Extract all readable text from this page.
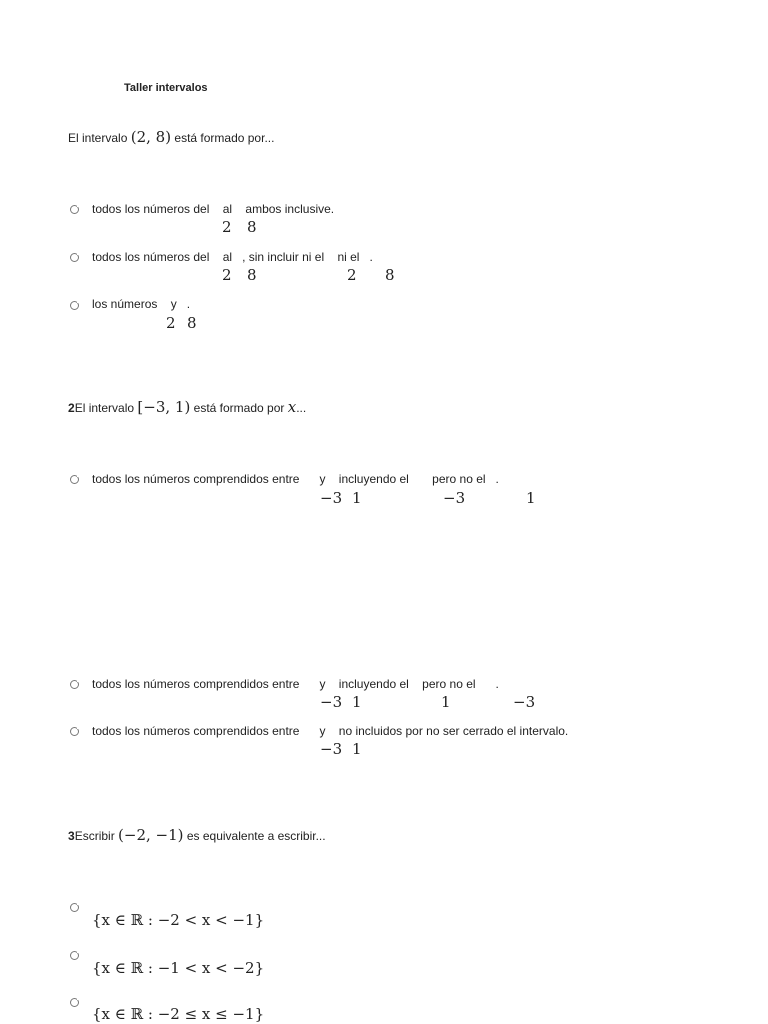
Taller intervalos
El intervalo (2, 8) está formado por...
todos los números del    al    ambos inclusive.
2 8
todos los números del    al   , sin incluir ni el    ni el   .
2 8	2 8
los números    y   .
2 8
2El intervalo [−3, 1) está formado por x...
todos los números comprendidos entre      y    incluyendo el       pero no el   .
−3 1	−3	1
todos los números comprendidos entre      y    incluyendo el    pero no el      .
−3 1	1	−3
todos los números comprendidos entre      y    no incluidos por no ser cerrado el intervalo.
−3 1
3Escribir (−2, −1) es equivalente a escribir...
{x ∈ ℝ : −2 < x < −1}
{x ∈ ℝ : −1 < x < −2}
{x ∈ ℝ : −2 ≤ x ≤ −1}
